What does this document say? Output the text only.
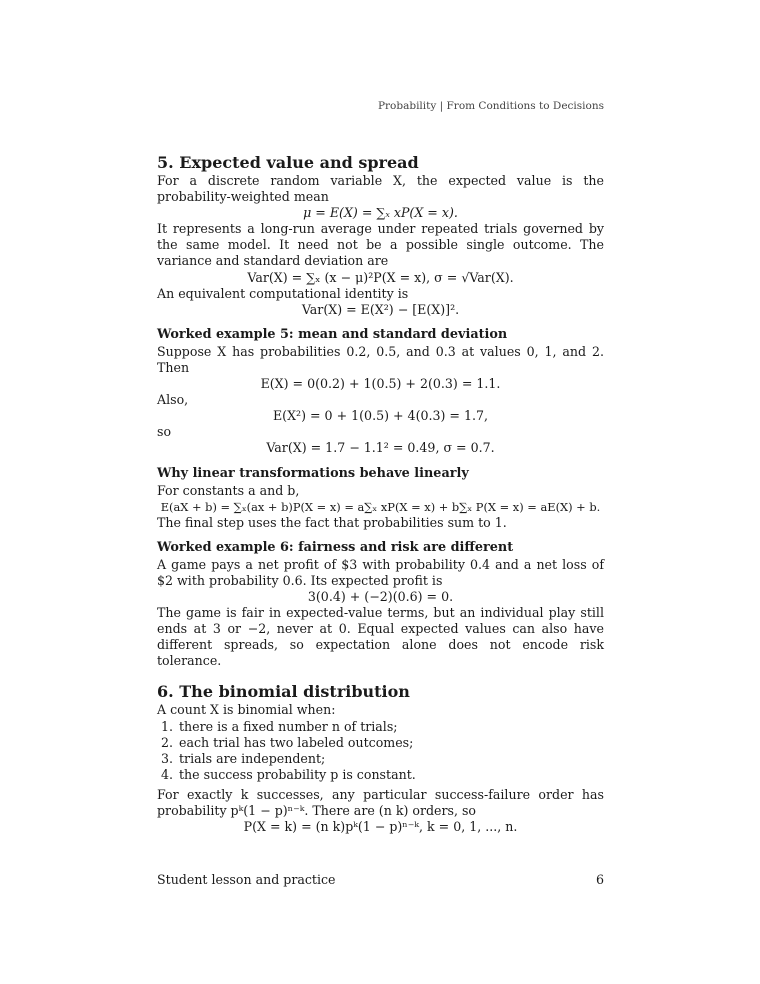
Probability | From Conditions to Decisions
5. Expected value and spread

For a discrete random variable X, the expected value is the probability-weighted mean

μ = E(X) = ∑ₓ xP(X = x).

It represents a long-run average under repeated trials governed by the same model. It need not be a possible single outcome. The variance and standard deviation are

Var(X) = ∑ₓ (x − μ)²P(X = x), σ = √Var(X).

An equivalent computational identity is

Var(X) = E(X²) − [E(X)]².

Worked example 5: mean and standard deviation

Suppose X has probabilities 0.2, 0.5, and 0.3 at values 0, 1, and 2. Then

E(X) = 0(0.2) + 1(0.5) + 2(0.3) = 1.1.

Also,

E(X²) = 0 + 1(0.5) + 4(0.3) = 1.7,

so

Var(X) = 1.7 − 1.1² = 0.49, σ = 0.7.

Why linear transformations behave linearly

For constants a and b,

E(aX + b) = ∑ₓ(ax + b)P(X = x) = a∑ₓ xP(X = x) + b∑ₓ P(X = x) = aE(X) + b.

The final step uses the fact that probabilities sum to 1.

Worked example 6: fairness and risk are different

A game pays a net profit of $3 with probability 0.4 and a net loss of $2 with probability 0.6. Its expected profit is

3(0.4) + (−2)(0.6) = 0.

The game is fair in expected-value terms, but an individual play still ends at 3 or −2, never at 0. Equal expected values can also have different spreads, so expectation alone does not encode risk tolerance.

6. The binomial distribution

A count X is binomial when:

1. there is a fixed number n of trials;
2. each trial has two labeled outcomes;
3. trials are independent;
4. the success probability p is constant.

For exactly k successes, any particular success-failure order has probability pᵏ(1 − p)ⁿ⁻ᵏ. There are (n k) orders, so

P(X = k) = (n k)pᵏ(1 − p)ⁿ⁻ᵏ, k = 0, 1, ..., n.

Student lesson and practice	6
